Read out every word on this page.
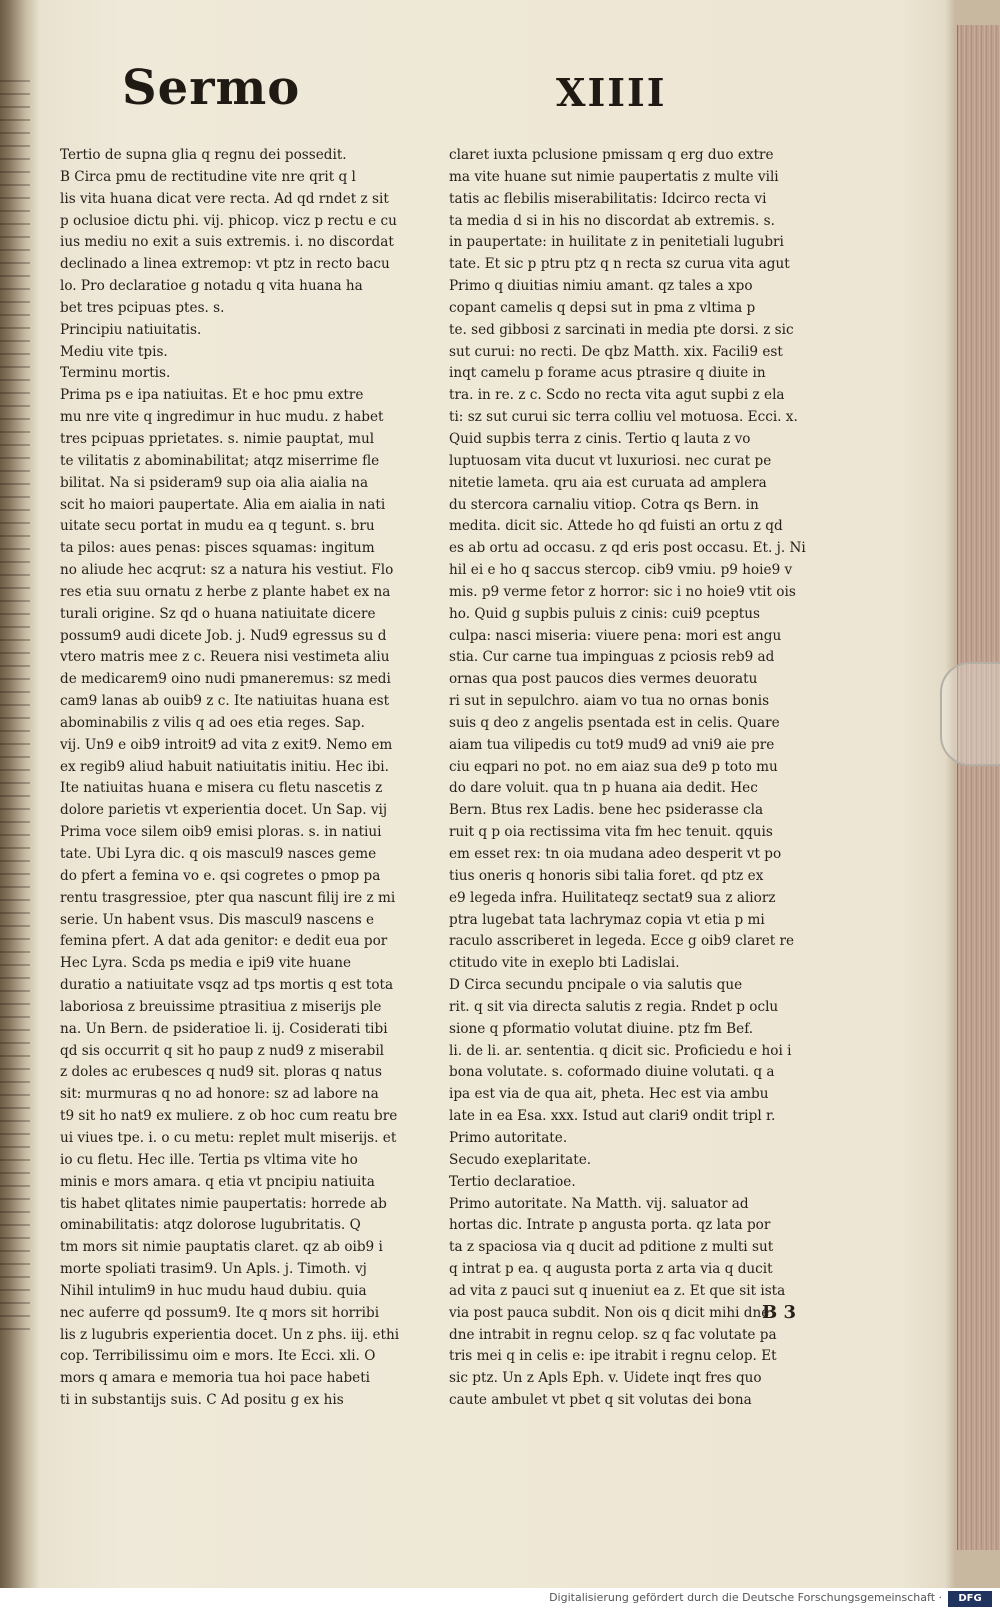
Sermo	XIIII
Tertio de supna glia q regnu dei possedit.
B Circa pmu de rectitudine vite nre qrit q l
lis vita huana dicat vere recta. Ad qd rndet z sit
p oclusioe dictu phi. vij. phicop. vicz p rectu e cu
ius mediu no exit a suis extremis. i. no discordat
declinado a linea extremop: vt ptz in recto bacu
lo. Pro declaratioe g notadu q vita huana ha
bet tres pcipuas ptes. s.
Principiu natiuitatis.
Mediu vite tpis.
Terminu mortis.
Prima ps e ipa natiuitas. Et e hoc pmu extre
mu nre vite q ingredimur in huc mudu. z habet
tres pcipuas pprietates. s. nimie pauptat, mul
te vilitatis z abominabilitat; atqz miserrime fle
bilitat. Na si psideram9 sup oia alia aialia na
scit ho maiori paupertate. Alia em aialia in nati
uitate secu portat in mudu ea q tegunt. s. bru
ta pilos: aues penas: pisces squamas: ingitum
no aliude hec acqrut: sz a natura his vestiut. Flo
res etia suu ornatu z herbe z plante habet ex na
turali origine. Sz qd o huana natiuitate dicere
possum9 audi dicete Job. j. Nud9 egressus su d
vtero matris mee z c. Reuera nisi vestimeta aliu
de medicarem9 oino nudi pmaneremus: sz medi
cam9 lanas ab ouib9 z c. Ite natiuitas huana est
abominabilis z vilis q ad oes etia reges. Sap.
vij. Un9 e oib9 introit9 ad vita z exit9. Nemo em
ex regib9 aliud habuit natiuitatis initiu. Hec ibi.
Ite natiuitas huana e misera cu fletu nascetis z
dolore parietis vt experientia docet. Un Sap. vij
Prima voce silem oib9 emisi ploras. s. in natiui
tate. Ubi Lyra dic. q ois mascul9 nasces geme
do pfert a femina vo e. qsi cogretes o pmop pa
rentu trasgressioe, pter qua nascunt filij ire z mi
serie. Un habent vsus. Dis mascul9 nascens e
femina pfert. A dat ada genitor: e dedit eua por
Hec Lyra. Scda ps media e ipi9 vite huane
duratio a natiuitate vsqz ad tps mortis q est tota
laboriosa z breuissime ptrasitiua z miserijs ple
na. Un Bern. de psideratioe li. ij. Cosiderati tibi
qd sis occurrit q sit ho paup z nud9 z miserabil
z doles ac erubesces q nud9 sit. ploras q natus
sit: murmuras q no ad honore: sz ad labore na
t9 sit ho nat9 ex muliere. z ob hoc cum reatu bre
ui viues tpe. i. o cu metu: replet mult miserijs. et
io cu fletu. Hec ille. Tertia ps vltima vite ho
minis e mors amara. q etia vt pncipiu natiuita
tis habet qlitates nimie paupertatis: horrede ab
ominabilitatis: atqz dolorose lugubritatis. Q
tm mors sit nimie pauptatis claret. qz ab oib9 i
morte spoliati trasim9. Un Apls. j. Timoth. vj
Nihil intulim9 in huc mudu haud dubiu. quia
nec auferre qd possum9. Ite q mors sit horribi
lis z lugubris experientia docet. Un z phs. iij. ethi
cop. Terribilissimu oim e mors. Ite Ecci. xli. O
mors q amara e memoria tua hoi pace habeti
ti in substantijs suis. C Ad positu g ex his
claret iuxta pclusione pmissam q erg duo extre
ma vite huane sut nimie paupertatis z multe vili
tatis ac flebilis miserabilitatis: Idcirco recta vi
ta media d si in his no discordat ab extremis. s.
in paupertate: in huilitate z in penitetiali lugubri
tate. Et sic p ptru ptz q n recta sz curua vita agut
Primo q diuitias nimiu amant. qz tales a xpo
copant camelis q depsi sut in pma z vltima p
te. sed gibbosi z sarcinati in media pte dorsi. z sic
sut curui: no recti. De qbz Matth. xix. Facili9 est
inqt camelu p forame acus ptrasire q diuite in
tra. in re. z c. Scdo no recta vita agut supbi z ela
ti: sz sut curui sic terra colliu vel motuosa. Ecci. x.
Quid supbis terra z cinis. Tertio q lauta z vo
luptuosam vita ducut vt luxuriosi. nec curat pe
nitetie lameta. qru aia est curuata ad amplera
du stercora carnaliu vitiop. Cotra qs Bern. in
medita. dicit sic. Attede ho qd fuisti an ortu z qd
es ab ortu ad occasu. z qd eris post occasu. Et. j. Ni
hil ei e ho q saccus stercop. cib9 vmiu. p9 hoie9 v
mis. p9 verme fetor z horror: sic i no hoie9 vtit ois
ho. Quid g supbis puluis z cinis: cui9 pceptus
culpa: nasci miseria: viuere pena: mori est angu
stia. Cur carne tua impinguas z pciosis reb9 ad
ornas qua post paucos dies vermes deuoratu
ri sut in sepulchro. aiam vo tua no ornas bonis
suis q deo z angelis psentada est in celis. Quare
aiam tua vilipedis cu tot9 mud9 ad vni9 aie pre
ciu eqpari no pot. no em aiaz sua de9 p toto mu
do dare voluit. qua tn p huana aia dedit. Hec
Bern. Btus rex Ladis. bene hec psiderasse cla
ruit q p oia rectissima vita fm hec tenuit. qquis
em esset rex: tn oia mudana adeo desperit vt po
tius oneris q honoris sibi talia foret. qd ptz ex
e9 legeda infra. Huilitateqz sectat9 sua z aliorz
ptra lugebat tata lachrymaz copia vt etia p mi
raculo asscriberet in legeda. Ecce g oib9 claret re
ctitudo vite in exeplo bti Ladislai.
D Circa secundu pncipale o via salutis que
rit. q sit via directa salutis z regia. Rndet p oclu
sione q pformatio volutat diuine. ptz fm Bef.
li. de li. ar. sententia. q dicit sic. Proficiedu e hoi i
bona volutate. s. coformado diuine volutati. q a
ipa est via de qua ait, pheta. Hec est via ambu
late in ea Esa. xxx. Istud aut clari9 ondit tripl r.
Primo autoritate.
Secudo exeplaritate.
Tertio declaratioe.
Primo autoritate. Na Matth. vij. saluator ad
hortas dic. Intrate p angusta porta. qz lata por
ta z spaciosa via q ducit ad pditione z multi sut
q intrat p ea. q augusta porta z arta via q ducit
ad vita z pauci sut q inueniut ea z. Et que sit ista
via post pauca subdit. Non ois q dicit mihi dne
dne intrabit in regnu celop. sz q fac volutate pa
tris mei q in celis e: ipe itrabit i regnu celop. Et
sic ptz. Un z Apls Eph. v. Uidete inqt fres quo
caute ambulet vt pbet q sit volutas dei bona
B 3
Digitalisierung gefördert durch die Deutsche Forschungsgemeinschaft ·	DFG
